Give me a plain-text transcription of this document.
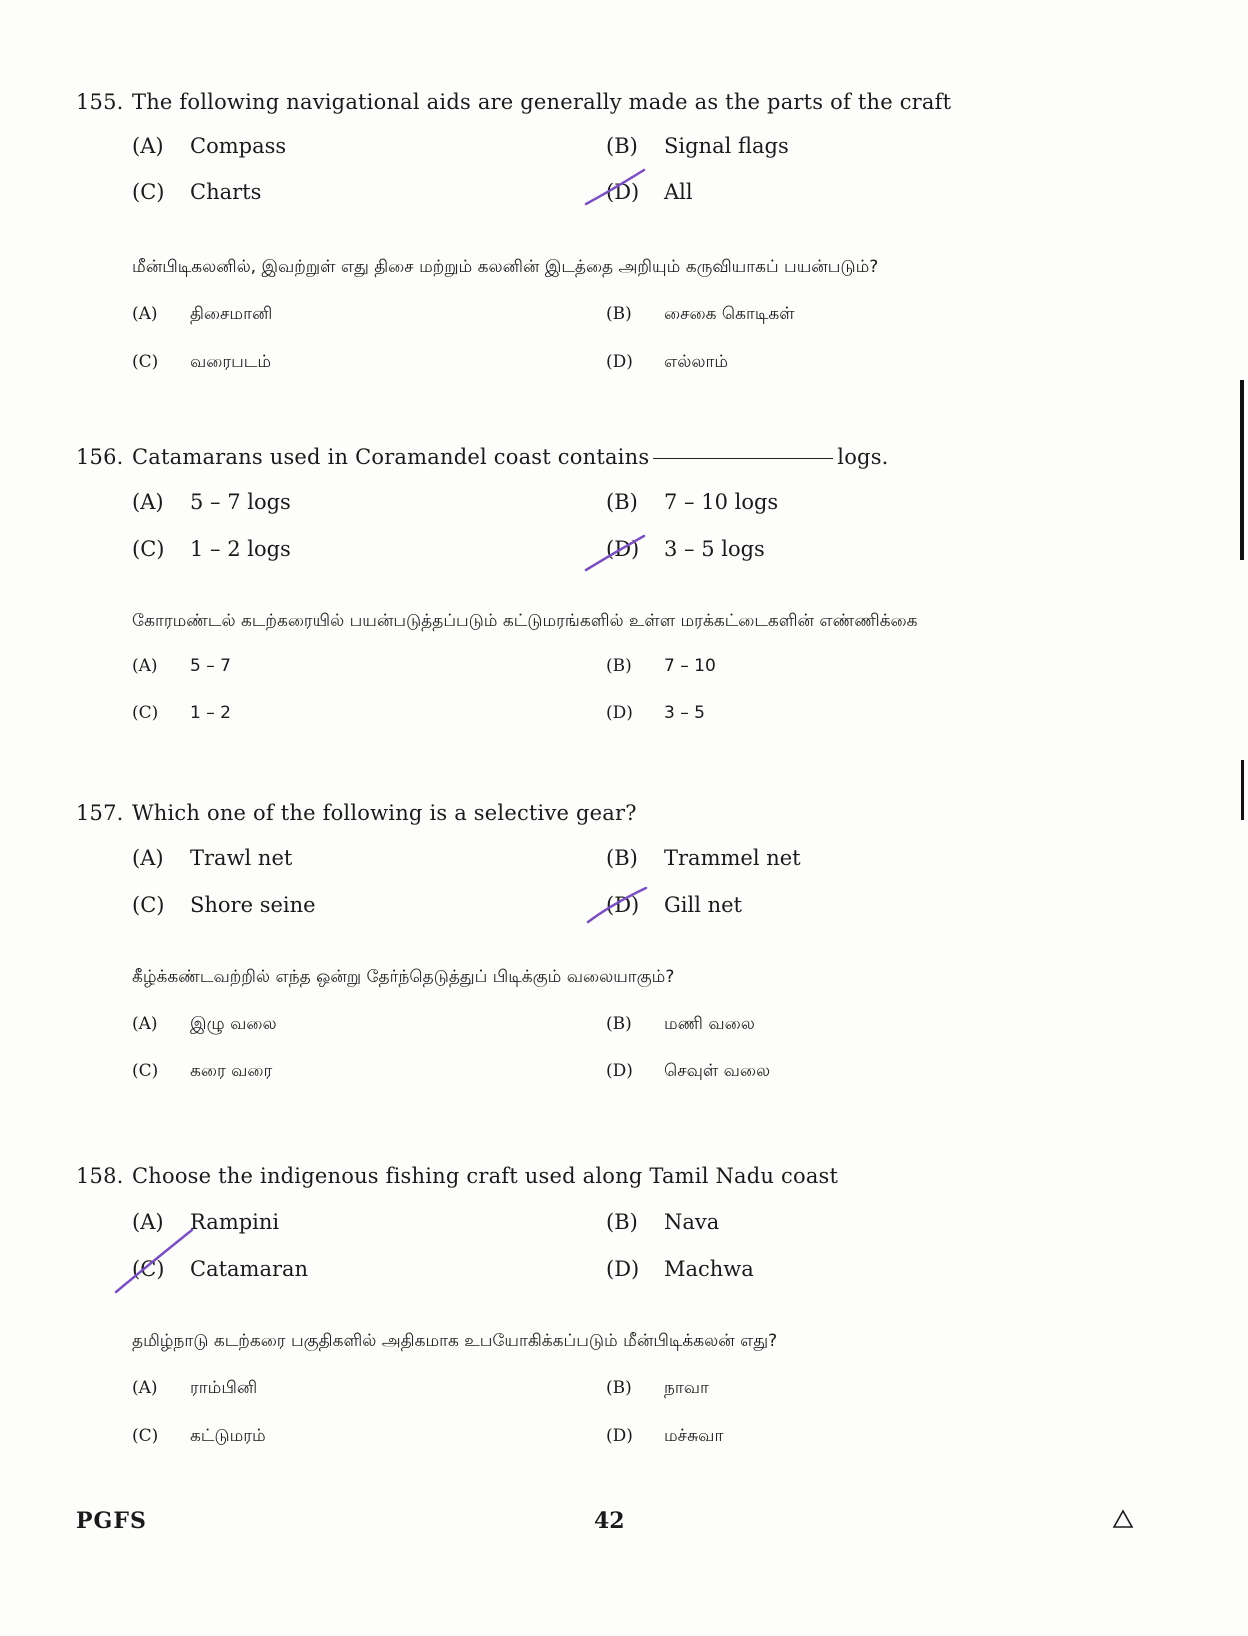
155. The following navigational aids are generally made as the parts of the craft
(A) Compass	(B) Signal flags
(C) Charts	(D) All
மீன்பிடிகலனில், இவற்றுள் எது திசை மற்றும் கலனின் இடத்தை அறியும் கருவியாகப் பயன்படும்?
(A) திசைமானி	(B) சைகை கொடிகள்
(C) வரைபடம்	(D) எல்லாம்
156. Catamarans used in Coramandel coast contains	logs.
(A) 5 – 7 logs	(B) 7 – 10 logs
(C) 1 – 2 logs	(D) 3 – 5 logs
கோரமண்டல் கடற்கரையில் பயன்படுத்தப்படும் கட்டுமரங்களில் உள்ள மரக்கட்டைகளின் எண்ணிக்கை
(A) 5 – 7	(B) 7 – 10
(C) 1 – 2	(D) 3 – 5
157. Which one of the following is a selective gear?
(A) Trawl net	(B) Trammel net
(C) Shore seine	(D) Gill net
கீழ்க்கண்டவற்றில் எந்த ஒன்று தேர்ந்தெடுத்துப் பிடிக்கும் வலையாகும்?
(A) இழு வலை	(B) மணி வலை
(C) கரை வரை	(D) செவுள் வலை
158. Choose the indigenous fishing craft used along Tamil Nadu coast
(A) Rampini	(B) Nava
(C) Catamaran	(D) Machwa
தமிழ்நாடு கடற்கரை பகுதிகளில் அதிகமாக உபயோகிக்கப்படும் மீன்பிடிக்கலன் எது?
(A) ராம்பினி	(B) நாவா
(C) கட்டுமரம்	(D) மச்சுவா
PGFS	42
